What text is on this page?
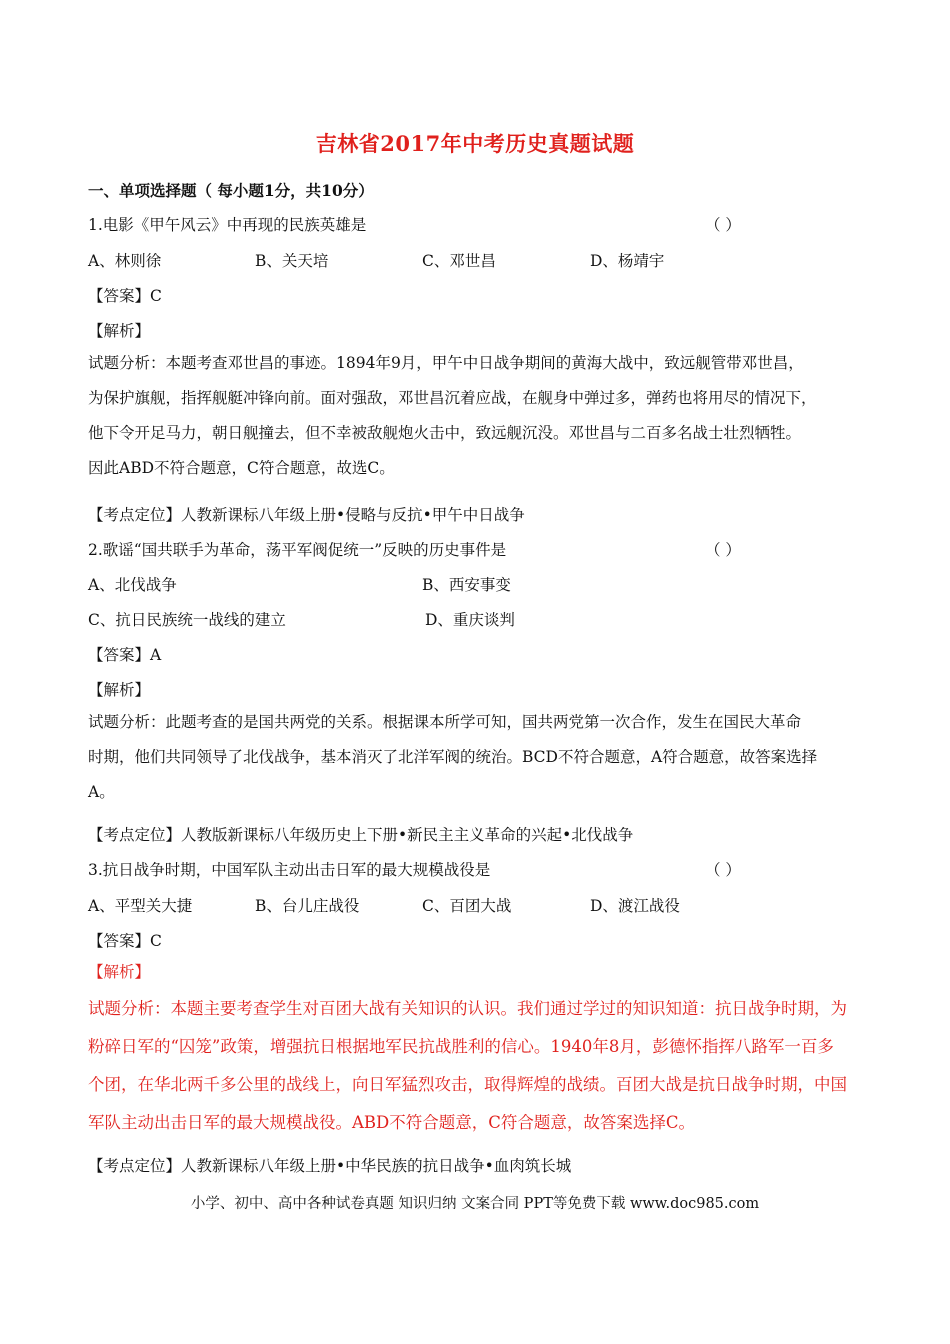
吉林省2017年中考历史真题试题
一、单项选择题（ 每小题1分，共10分）
1.电影《甲午风云》中再现的民族英雄是	（ ）
A、林则徐	B、关天培	C、邓世昌	D、杨靖宇
【答案】C
【解析】
试题分析：本题考查邓世昌的事迹。1894年9月，甲午中日战争期间的黄海大战中，致远舰管带邓世昌，
为保护旗舰，指挥舰艇冲锋向前。面对强敌，邓世昌沉着应战，在舰身中弹过多，弹药也将用尽的情况下，
他下令开足马力，朝日舰撞去，但不幸被敌舰炮火击中，致远舰沉没。邓世昌与二百多名战士壮烈牺牲。
因此ABD不符合题意，C符合题意，故选C。
【考点定位】人教新课标八年级上册•侵略与反抗•甲午中日战争
2.歌谣“国共联手为革命，荡平军阀促统一”反映的历史事件是	（ ）
A、北伐战争	B、西安事变
C、抗日民族统一战线的建立	D、重庆谈判
【答案】A
【解析】
试题分析：此题考查的是国共两党的关系。根据课本所学可知，国共两党第一次合作，发生在国民大革命
时期，他们共同领导了北伐战争，基本消灭了北洋军阀的统治。BCD不符合题意，A符合题意，故答案选择
A。
【考点定位】人教版新课标八年级历史上下册•新民主主义革命的兴起•北伐战争
3.抗日战争时期，中国军队主动出击日军的最大规模战役是	（ ）
A、平型关大捷	B、台儿庄战役	C、百团大战	D、渡江战役
【答案】C
【解析】
试题分析：本题主要考查学生对百团大战有关知识的认识。我们通过学过的知识知道：抗日战争时期，为
粉碎日军的“囚笼”政策，增强抗日根据地军民抗战胜利的信心。1940年8月，彭德怀指挥八路军一百多
个团，在华北两千多公里的战线上，向日军猛烈攻击，取得辉煌的战绩。百团大战是抗日战争时期，中国
军队主动出击日军的最大规模战役。ABD不符合题意，C符合题意，故答案选择C。
【考点定位】人教新课标八年级上册•中华民族的抗日战争•血肉筑长城
小学、初中、高中各种试卷真题 知识归纳 文案合同 PPT等免费下载 www.doc985.com
